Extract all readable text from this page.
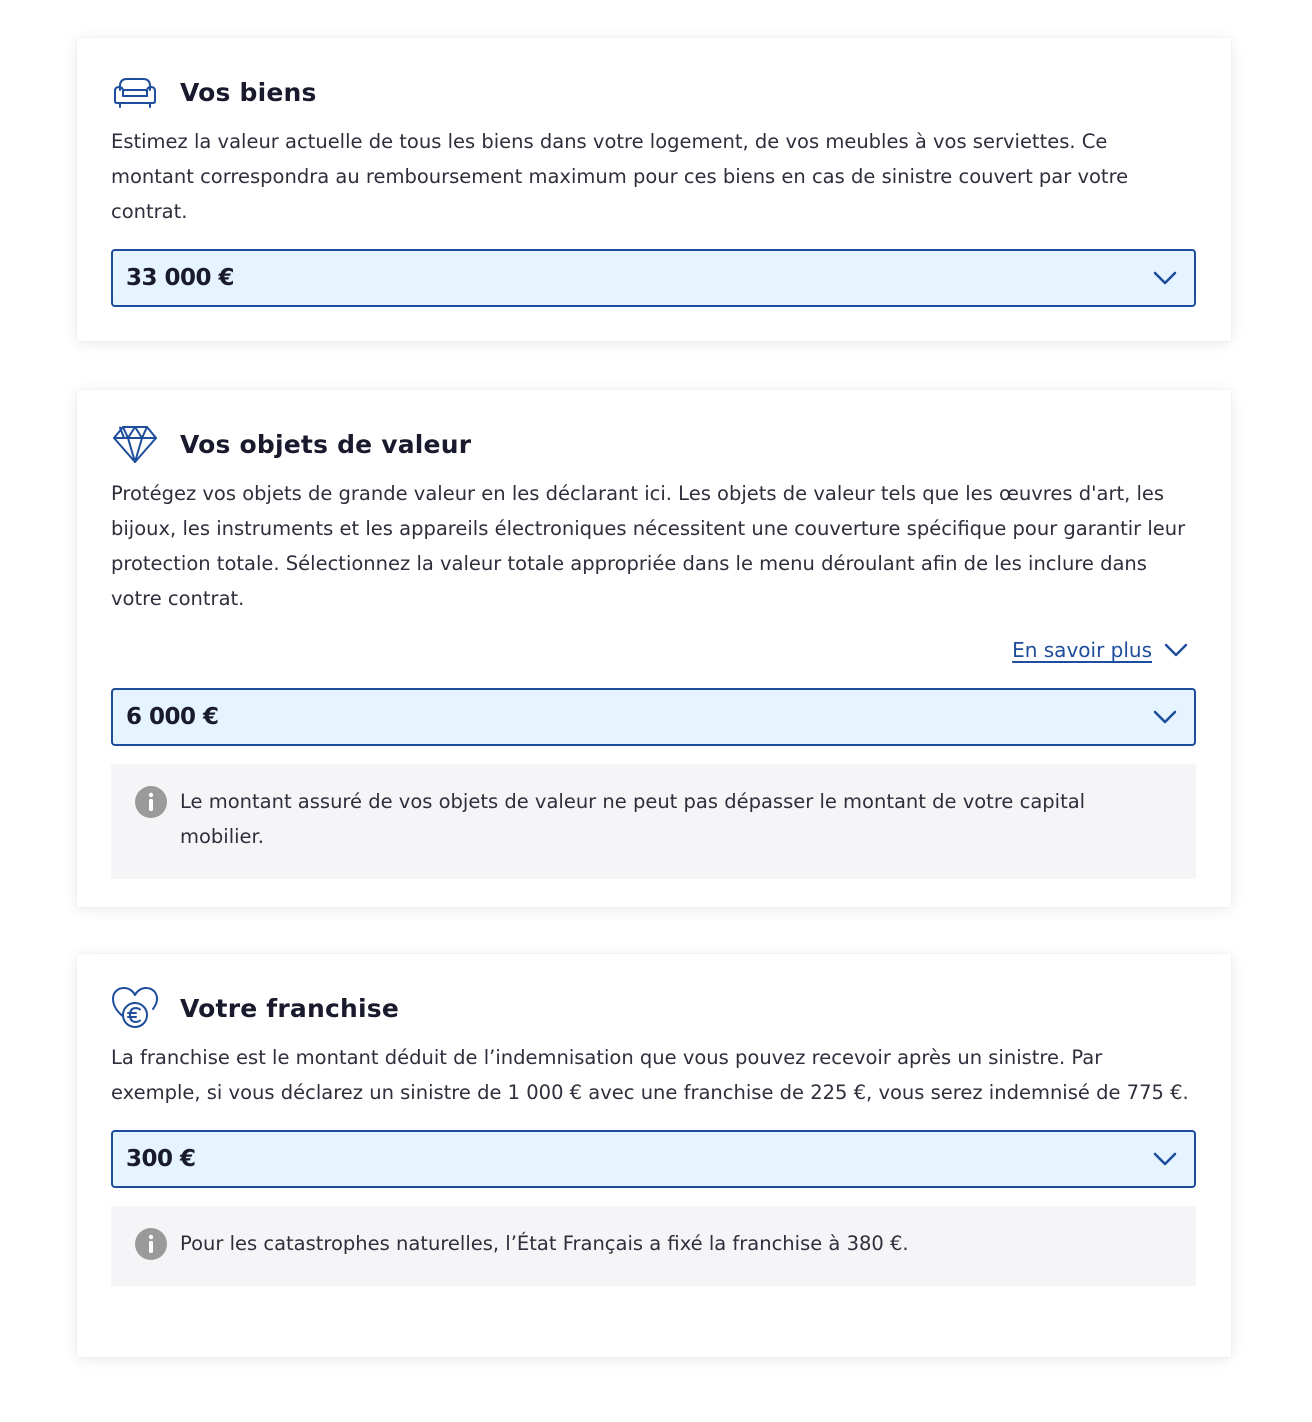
Vos biens

Estimez la valeur actuelle de tous les biens dans votre logement, de vos meubles à vos serviettes. Ce montant correspondra au remboursement maximum pour ces biens en cas de sinistre couvert par votre contrat.

33 000 €
Vos objets de valeur

Protégez vos objets de grande valeur en les déclarant ici. Les objets de valeur tels que les œuvres d'art, les bijoux, les instruments et les appareils électroniques nécessitent une couverture spécifique pour garantir leur protection totale. Sélectionnez la valeur totale appropriée dans le menu déroulant afin de les inclure dans votre contrat.

En savoir plus
6 000 €
Le montant assuré de vos objets de valeur ne peut pas dépasser le montant de votre capital mobilier.
Votre franchise

La franchise est le montant déduit de l’indemnisation que vous pouvez recevoir après un sinistre. Par exemple, si vous déclarez un sinistre de 1 000 € avec une franchise de 225 €, vous serez indemnisé de 775 €.

300 €
Pour les catastrophes naturelles, l’État Français a fixé la franchise à 380 €.
